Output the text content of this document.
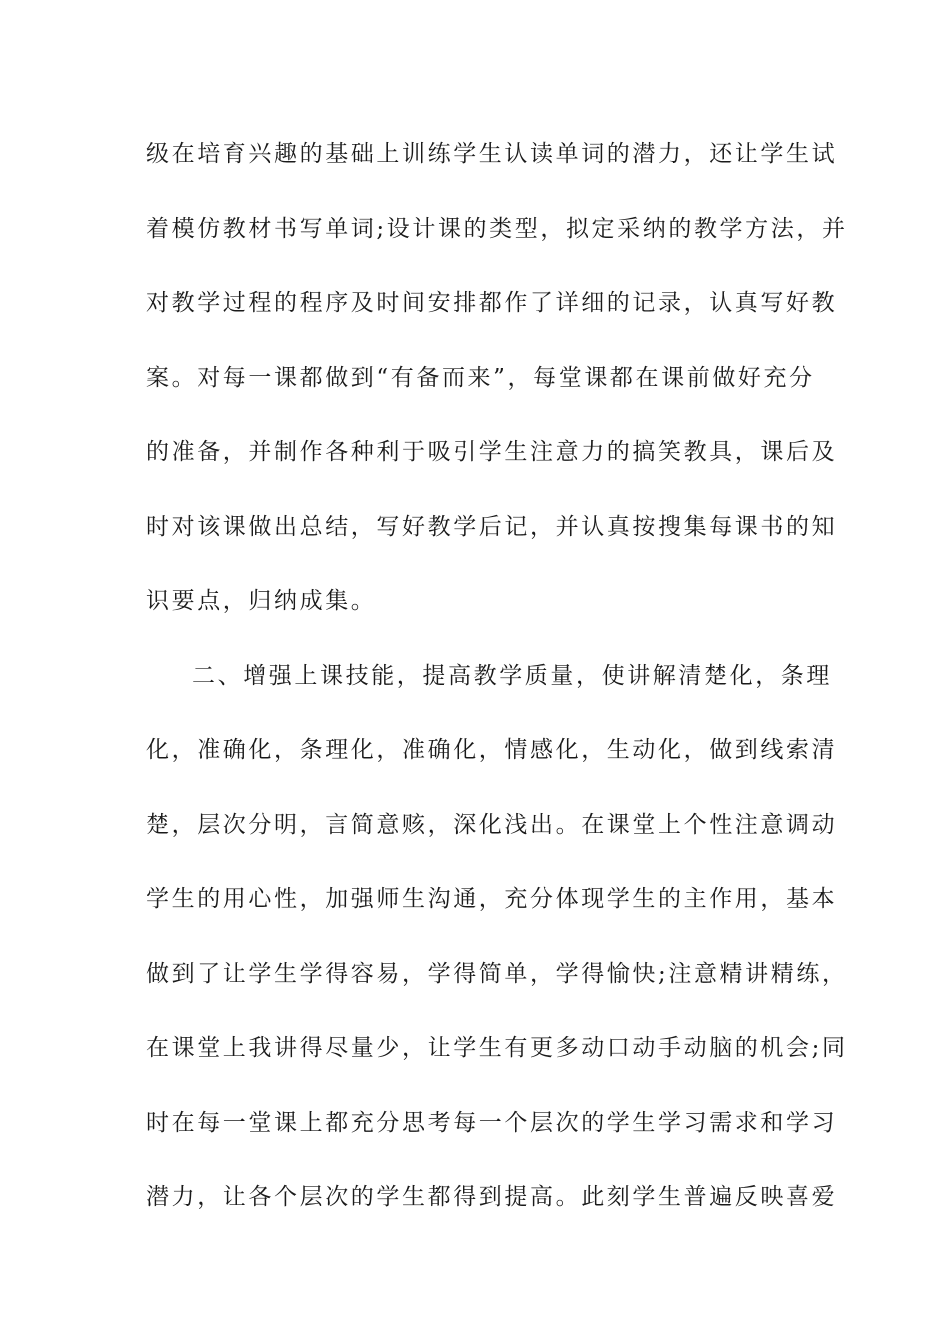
级在培育兴趣的基础上训练学生认读单词的潜力，还让学生试
着模仿教材书写单词;设计课的类型，拟定采纳的教学方法，并
对教学过程的程序及时间安排都作了详细的记录，认真写好教
案。对每一课都做到“有备而来”，每堂课都在课前做好充分
的准备，并制作各种利于吸引学生注意力的搞笑教具，课后及
时对该课做出总结，写好教学后记，并认真按搜集每课书的知
识要点，归纳成集。
二、增强上课技能，提高教学质量，使讲解清楚化，条理
化，准确化，条理化，准确化，情感化，生动化，做到线索清
楚，层次分明，言简意赅，深化浅出。在课堂上个性注意调动
学生的用心性，加强师生沟通，充分体现学生的主作用，基本
做到了让学生学得容易，学得简单，学得愉快;注意精讲精练，
在课堂上我讲得尽量少，让学生有更多动口动手动脑的机会;同
时在每一堂课上都充分思考每一个层次的学生学习需求和学习
潜力，让各个层次的学生都得到提高。此刻学生普遍反映喜爱
